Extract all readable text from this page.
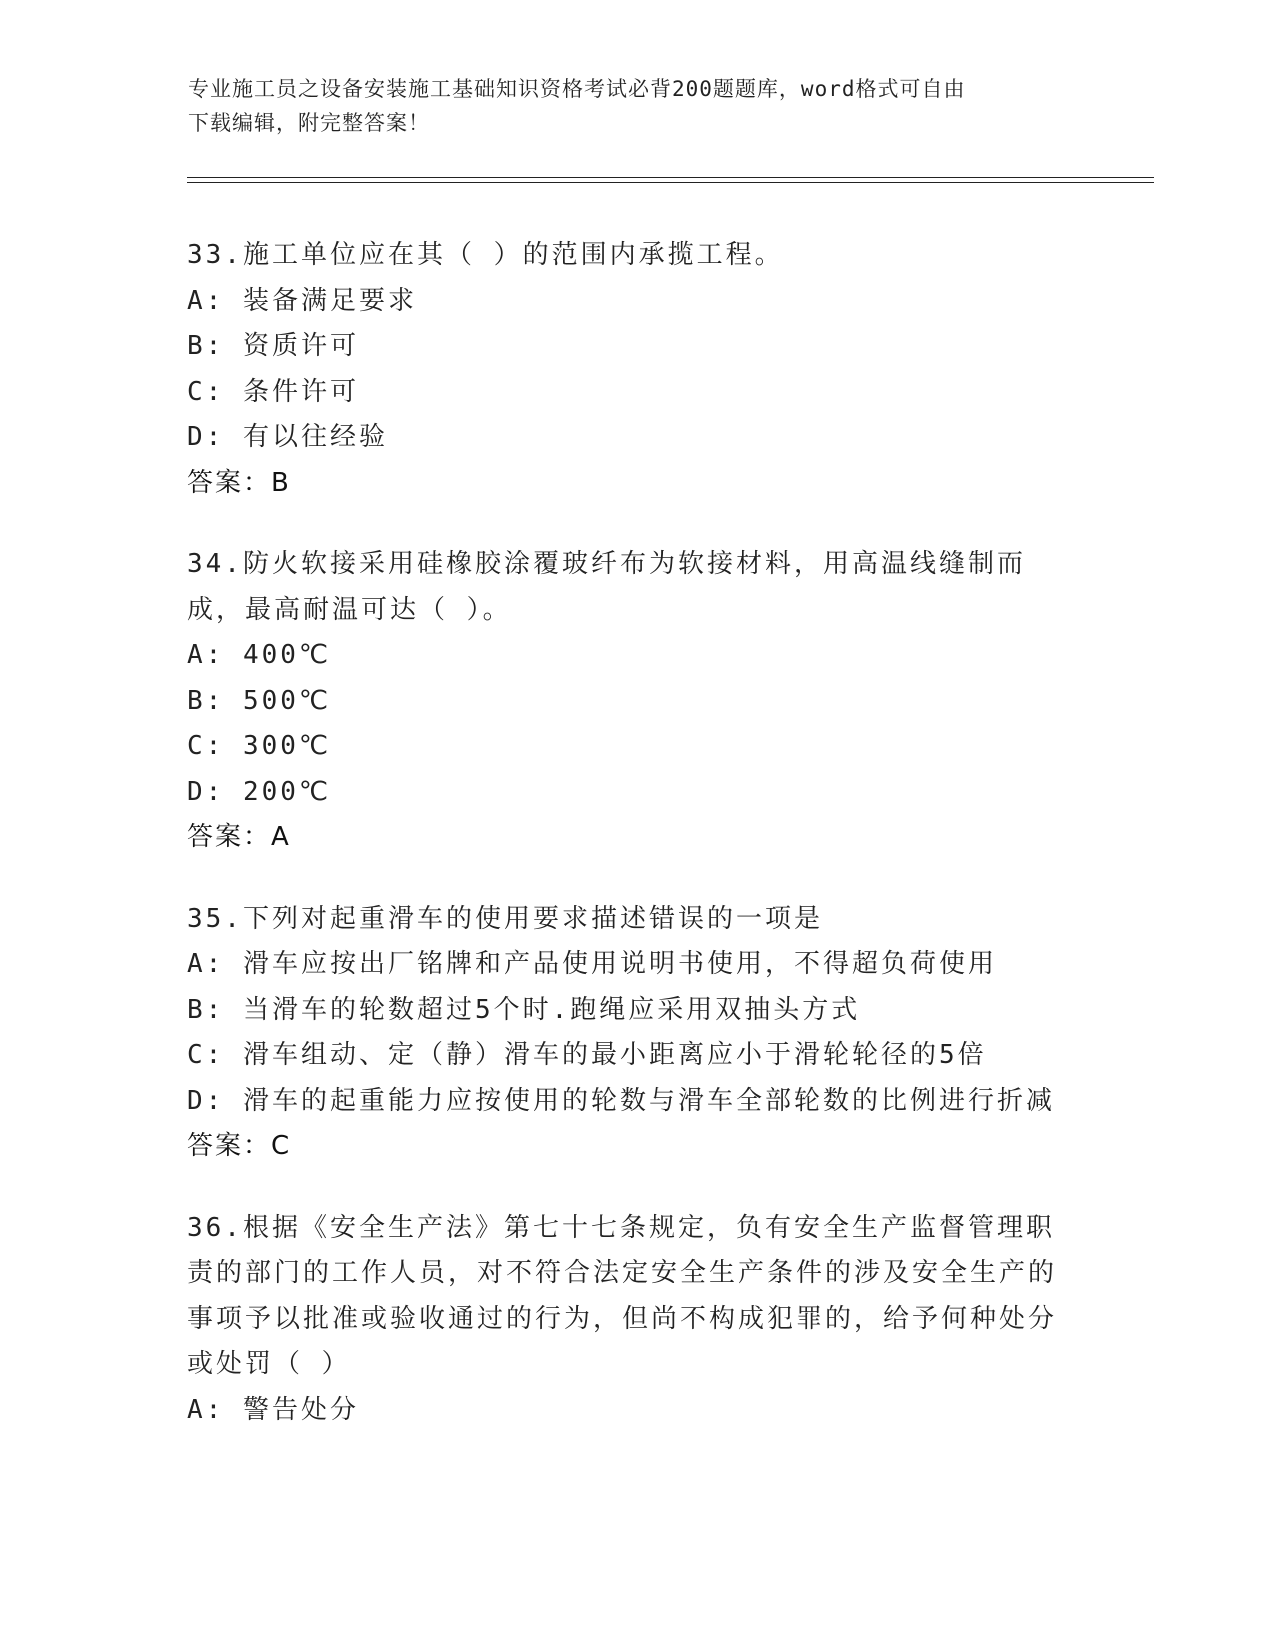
专业施工员之设备安装施工基础知识资格考试必背200题题库，word格式可自由
下载编辑，附完整答案！
33.施工单位应在其（ ）的范围内承揽工程。
A: 装备满足要求
B: 资质许可
C: 条件许可
D: 有以往经验
答案：B
34.防火软接采用硅橡胶涂覆玻纤布为软接材料，用高温线缝制而成，最高耐温可达（ ）。
A: 400℃
B: 500℃
C: 300℃
D: 200℃
答案：A
35.下列对起重滑车的使用要求描述错误的一项是
A: 滑车应按出厂铭牌和产品使用说明书使用，不得超负荷使用
B: 当滑车的轮数超过5个时.跑绳应采用双抽头方式
C: 滑车组动、定（静）滑车的最小距离应小于滑轮轮径的5倍
D: 滑车的起重能力应按使用的轮数与滑车全部轮数的比例进行折减
答案：C
36.根据《安全生产法》第七十七条规定，负有安全生产监督管理职责的部门的工作人员，对不符合法定安全生产条件的涉及安全生产的事项予以批准或验收通过的行为，但尚不构成犯罪的，给予何种处分或处罚（ ）
A: 警告处分
